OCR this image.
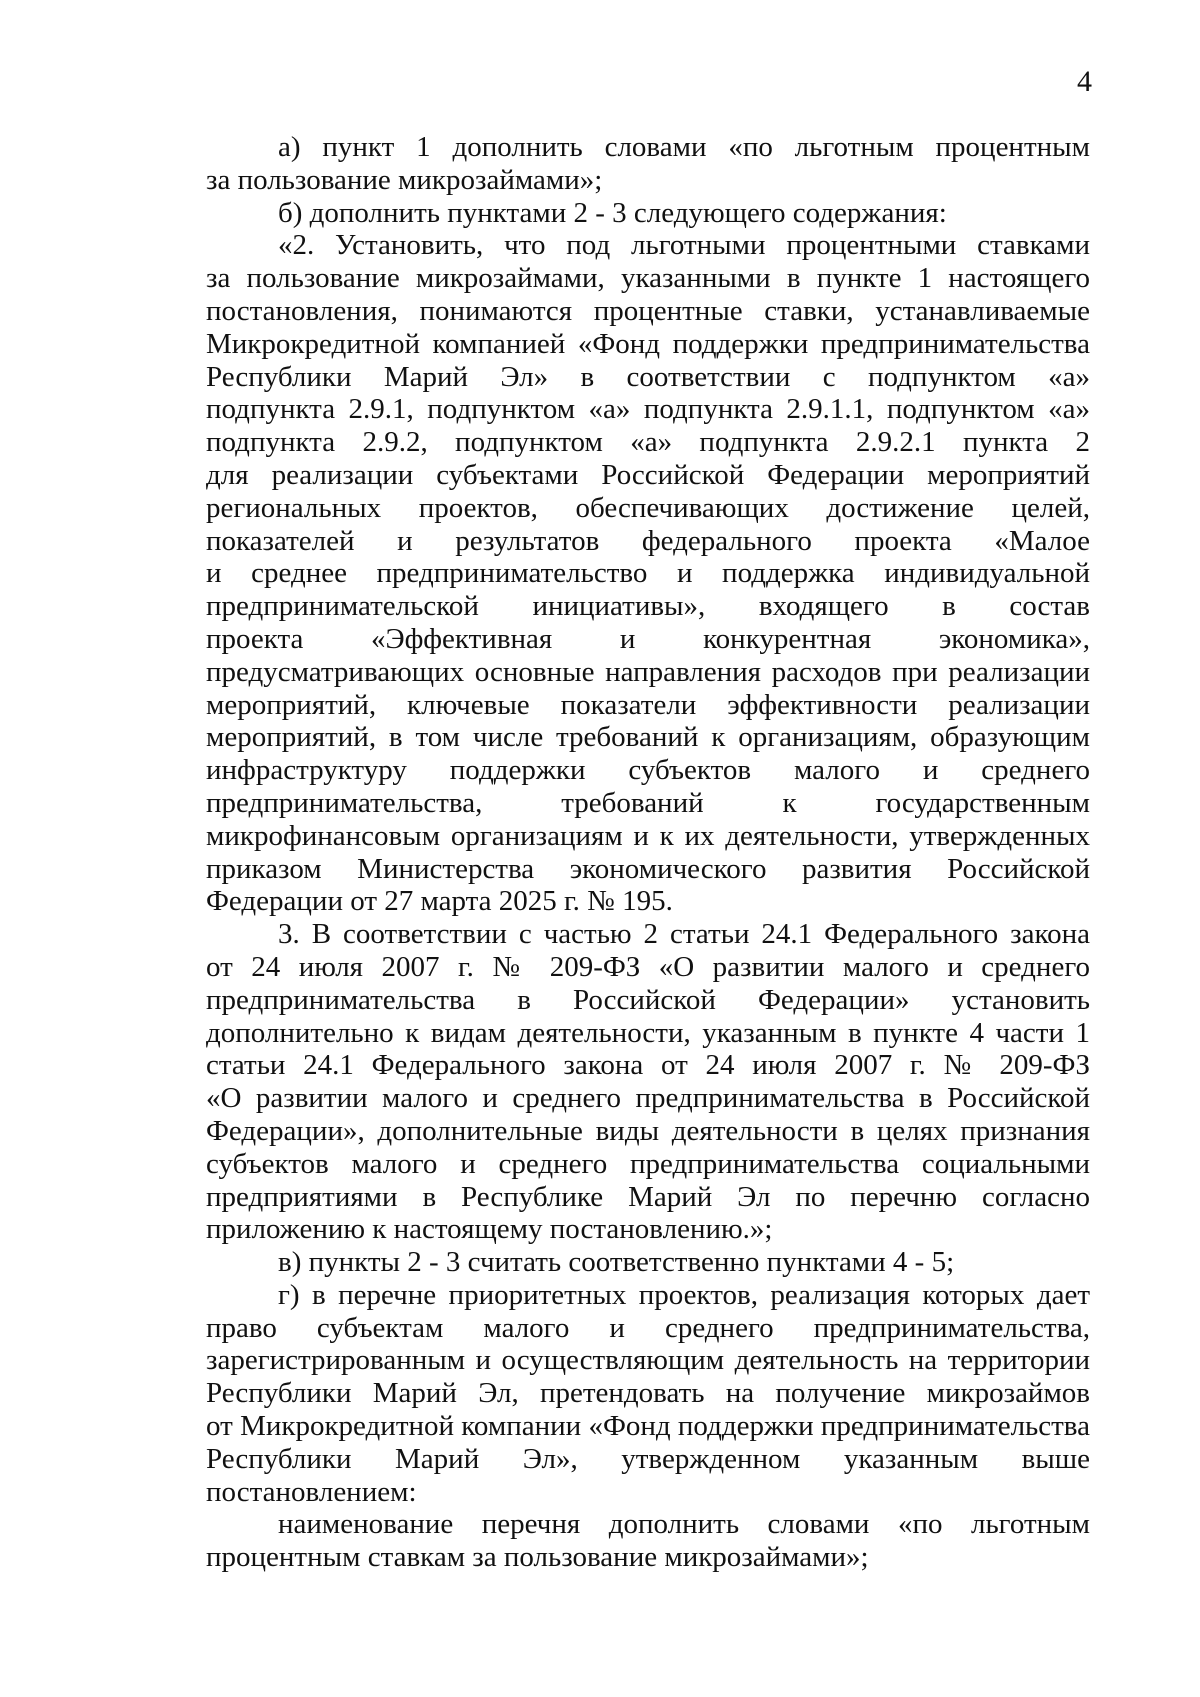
4
а) пункт 1 дополнить словами «по льготным процентным
за пользование микрозаймами»;
б) дополнить пунктами 2 - 3 следующего содержания:
«2. Установить, что под льготными процентными ставками
за пользование микрозаймами, указанными в пункте 1 настоящего
постановления, понимаются процентные ставки, устанавливаемые
Микрокредитной компанией «Фонд поддержки предпринимательства
Республики Марий Эл» в соответствии с подпунктом «а»
подпункта 2.9.1, подпунктом «а» подпункта 2.9.1.1, подпунктом «а»
подпункта 2.9.2, подпунктом «а» подпункта 2.9.2.1 пункта 2
для реализации субъектами Российской Федерации мероприятий
региональных проектов, обеспечивающих достижение целей,
показателей и результатов федерального проекта «Малое
и среднее предпринимательство и поддержка индивидуальной
предпринимательской инициативы», входящего в состав
проекта «Эффективная и конкурентная экономика»,
предусматривающих основные направления расходов при реализации
мероприятий, ключевые показатели эффективности реализации
мероприятий, в том числе требований к организациям, образующим
инфраструктуру поддержки субъектов малого и среднего
предпринимательства, требований к государственным
микрофинансовым организациям и к их деятельности, утвержденных
приказом Министерства экономического развития Российской
Федерации от 27 марта 2025 г. № 195.
3. В соответствии с частью 2 статьи 24.1 Федерального закона
от 24 июля 2007 г. № 209-ФЗ «О развитии малого и среднего
предпринимательства в Российской Федерации» установить
дополнительно к видам деятельности, указанным в пункте 4 части 1
статьи 24.1 Федерального закона от 24 июля 2007 г. № 209-ФЗ
«О развитии малого и среднего предпринимательства в Российской
Федерации», дополнительные виды деятельности в целях признания
субъектов малого и среднего предпринимательства социальными
предприятиями в Республике Марий Эл по перечню согласно
приложению к настоящему постановлению.»;
в) пункты 2 - 3 считать соответственно пунктами 4 - 5;
г) в перечне приоритетных проектов, реализация которых дает
право субъектам малого и среднего предпринимательства,
зарегистрированным и осуществляющим деятельность на территории
Республики Марий Эл, претендовать на получение микрозаймов
от Микрокредитной компании «Фонд поддержки предпринимательства
Республики Марий Эл», утвержденном указанным выше
постановлением:
наименование перечня дополнить словами «по льготным
процентным ставкам за пользование микрозаймами»;
